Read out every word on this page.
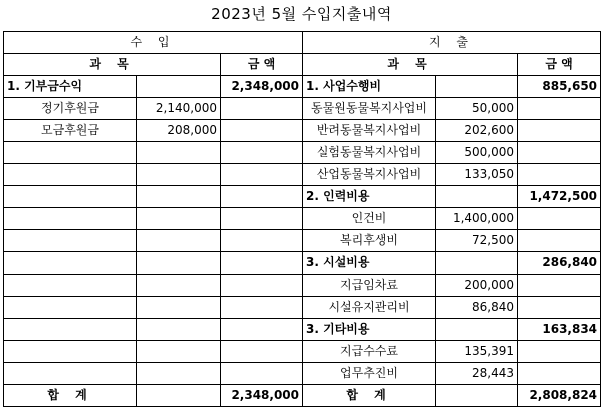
2023년 5월 수입지출내역
수 입			지 출		
과 목		금 액	과 목		금 액
1. 기부금수익		2,348,000	1. 사업수행비		885,650
정기후원금	2,140,000		동물원동물복지사업비	50,000	
모금후원금	208,000		반려동물복지사업비	202,600	
			실험동물복지사업비	500,000	
			산업동물복지사업비	133,050	
			2. 인력비용		1,472,500
			인건비	1,400,000	
			복리후생비	72,500	
			3. 시설비용		286,840
			지급임차료	200,000	
			시설유지관리비	86,840	
			3. 기타비용		163,834
			지급수수료	135,391	
			업무추진비	28,443	
합 계		2,348,000	합 계		2,808,824
